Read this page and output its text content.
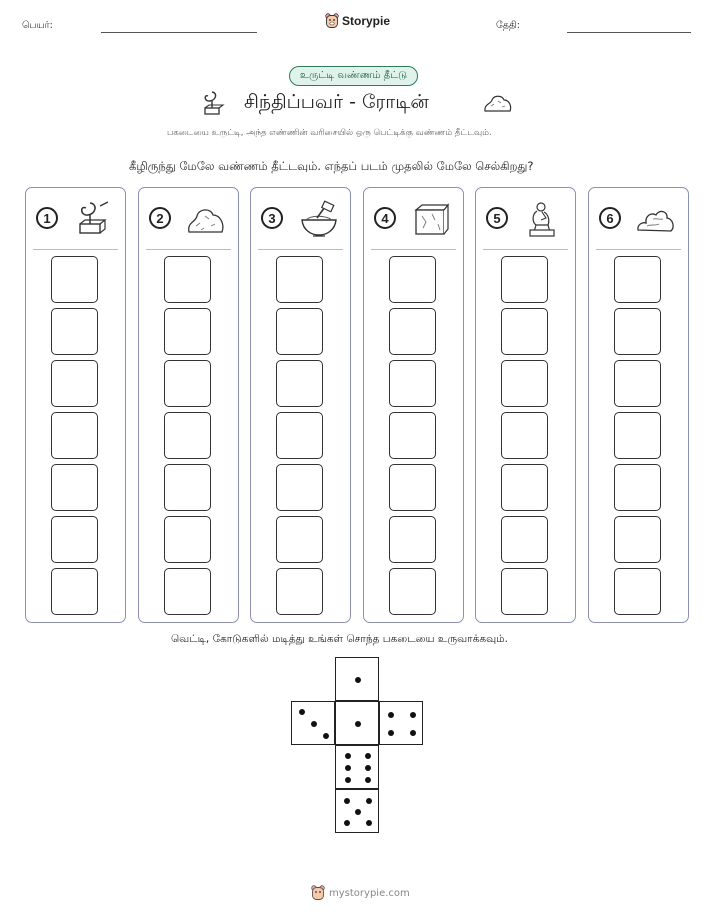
பெயர்:	Storypie	தேதி:
உருட்டி வண்ணம் தீட்டு
சிந்திப்பவர் - ரோடின்
பகடையை உருட்டி, அந்த எண்ணின் வரிசையில் ஒரு பெட்டிக்கு வண்ணம் தீட்டவும்.
கீழிருந்து மேலே வண்ணம் தீட்டவும். எந்தப் படம் முதலில் மேலே செல்கிறது?
1	2	3	4	5	6
வெட்டி, கோடுகளில் மடித்து உங்கள் சொந்த பகடையை உருவாக்கவும்.
mystorypie.com
